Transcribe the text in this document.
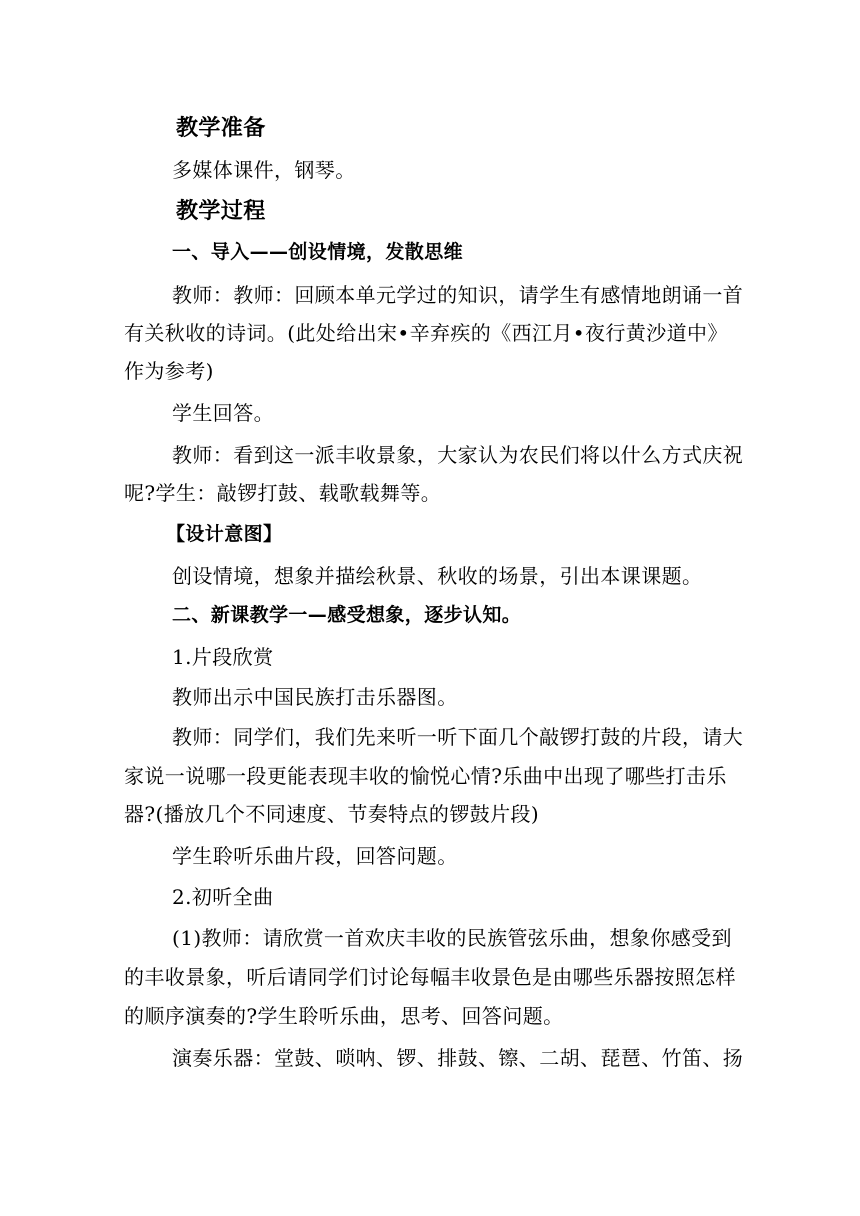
教学准备
多媒体课件，钢琴。
教学过程
一、导入——创设情境，发散思维
教师：教师：回顾本单元学过的知识，请学生有感情地朗诵一首
有关秋收的诗词。(此处给出宋•辛弃疾的《西江月•夜行黄沙道中》
作为参考)
学生回答。
教师：看到这一派丰收景象，大家认为农民们将以什么方式庆祝
呢?学生：敲锣打鼓、载歌载舞等。
【设计意图】
创设情境，想象并描绘秋景、秋收的场景，引出本课课题。
二、新课教学一—感受想象，逐步认知。
1.片段欣赏
教师出示中国民族打击乐器图。
教师：同学们，我们先来听一听下面几个敲锣打鼓的片段，请大
家说一说哪一段更能表现丰收的愉悦心情?乐曲中出现了哪些打击乐
器?(播放几个不同速度、节奏特点的锣鼓片段)
学生聆听乐曲片段，回答问题。
2.初听全曲
(1)教师：请欣赏一首欢庆丰收的民族管弦乐曲，想象你感受到
的丰收景象，听后请同学们讨论每幅丰收景色是由哪些乐器按照怎样
的顺序演奏的?学生聆听乐曲，思考、回答问题。
演奏乐器：堂鼓、唢呐、锣、排鼓、镲、二胡、琵琶、竹笛、扬
